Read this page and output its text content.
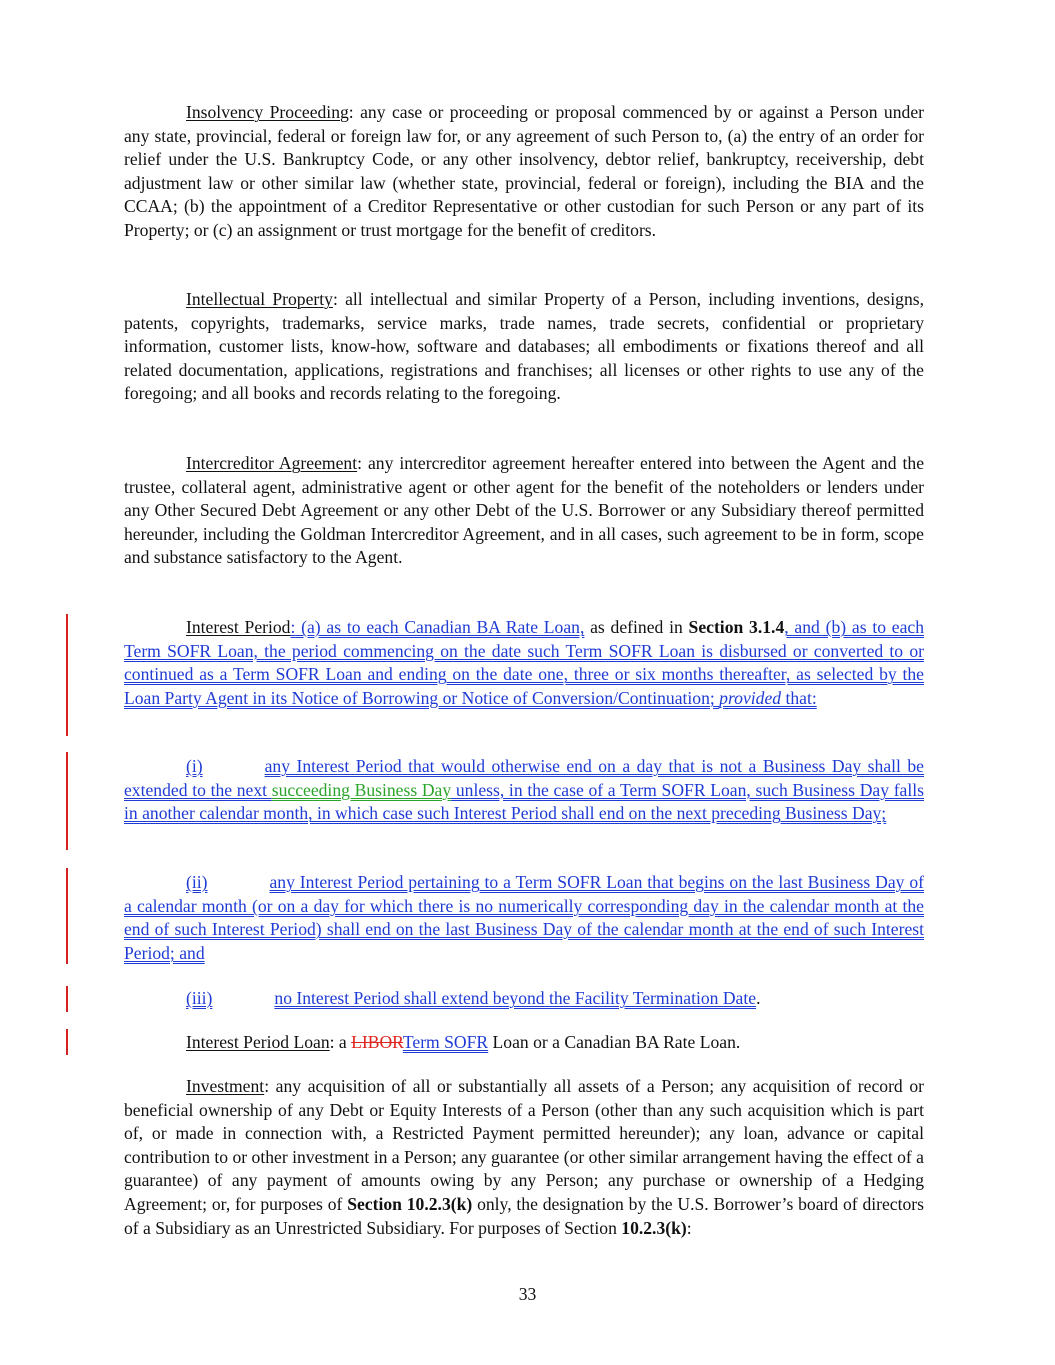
Insolvency Proceeding: any case or proceeding or proposal commenced by or against a Person under any state, provincial, federal or foreign law for, or any agreement of such Person to, (a) the entry of an order for relief under the U.S. Bankruptcy Code, or any other insolvency, debtor relief, bankruptcy, receivership, debt adjustment law or other similar law (whether state, provincial, federal or foreign), including the BIA and the CCAA; (b) the appointment of a Creditor Representative or other custodian for such Person or any part of its Property; or (c) an assignment or trust mortgage for the benefit of creditors.

Intellectual Property: all intellectual and similar Property of a Person, including inventions, designs, patents, copyrights, trademarks, service marks, trade names, trade secrets, confidential or proprietary information, customer lists, know-how, software and databases; all embodiments or fixations thereof and all related documentation, applications, registrations and franchises; all licenses or other rights to use any of the foregoing; and all books and records relating to the foregoing.

Intercreditor Agreement: any intercreditor agreement hereafter entered into between the Agent and the trustee, collateral agent, administrative agent or other agent for the benefit of the noteholders or lenders under any Other Secured Debt Agreement or any other Debt of the U.S. Borrower or any Subsidiary thereof permitted hereunder, including the Goldman Intercreditor Agreement, and in all cases, such agreement to be in form, scope and substance satisfactory to the Agent.

Interest Period: (a) as to each Canadian BA Rate Loan, as defined in Section 3.1.4, and (b) as to each Term SOFR Loan, the period commencing on the date such Term SOFR Loan is disbursed or converted to or continued as a Term SOFR Loan and ending on the date one, three or six months thereafter, as selected by the Loan Party Agent in its Notice of Borrowing or Notice of Conversion/Continuation; provided that:

(i)	any Interest Period that would otherwise end on a day that is not a Business Day shall be extended to the next succeeding Business Day unless, in the case of a Term SOFR Loan, such Business Day falls in another calendar month, in which case such Interest Period shall end on the next preceding Business Day;

(ii)	any Interest Period pertaining to a Term SOFR Loan that begins on the last Business Day of a calendar month (or on a day for which there is no numerically corresponding day in the calendar month at the end of such Interest Period) shall end on the last Business Day of the calendar month at the end of such Interest Period; and

(iii)	no Interest Period shall extend beyond the Facility Termination Date.

Interest Period Loan: a LIBORTerm SOFR Loan or a Canadian BA Rate Loan.

Investment: any acquisition of all or substantially all assets of a Person; any acquisition of record or beneficial ownership of any Debt or Equity Interests of a Person (other than any such acquisition which is part of, or made in connection with, a Restricted Payment permitted hereunder); any loan, advance or capital contribution to or other investment in a Person; any guarantee (or other similar arrangement having the effect of a guarantee) of any payment of amounts owing by any Person; any purchase or ownership of a Hedging Agreement; or, for purposes of Section 10.2.3(k) only, the designation by the U.S. Borrower’s board of directors of a Subsidiary as an Unrestricted Subsidiary. For purposes of Section 10.2.3(k):

33
